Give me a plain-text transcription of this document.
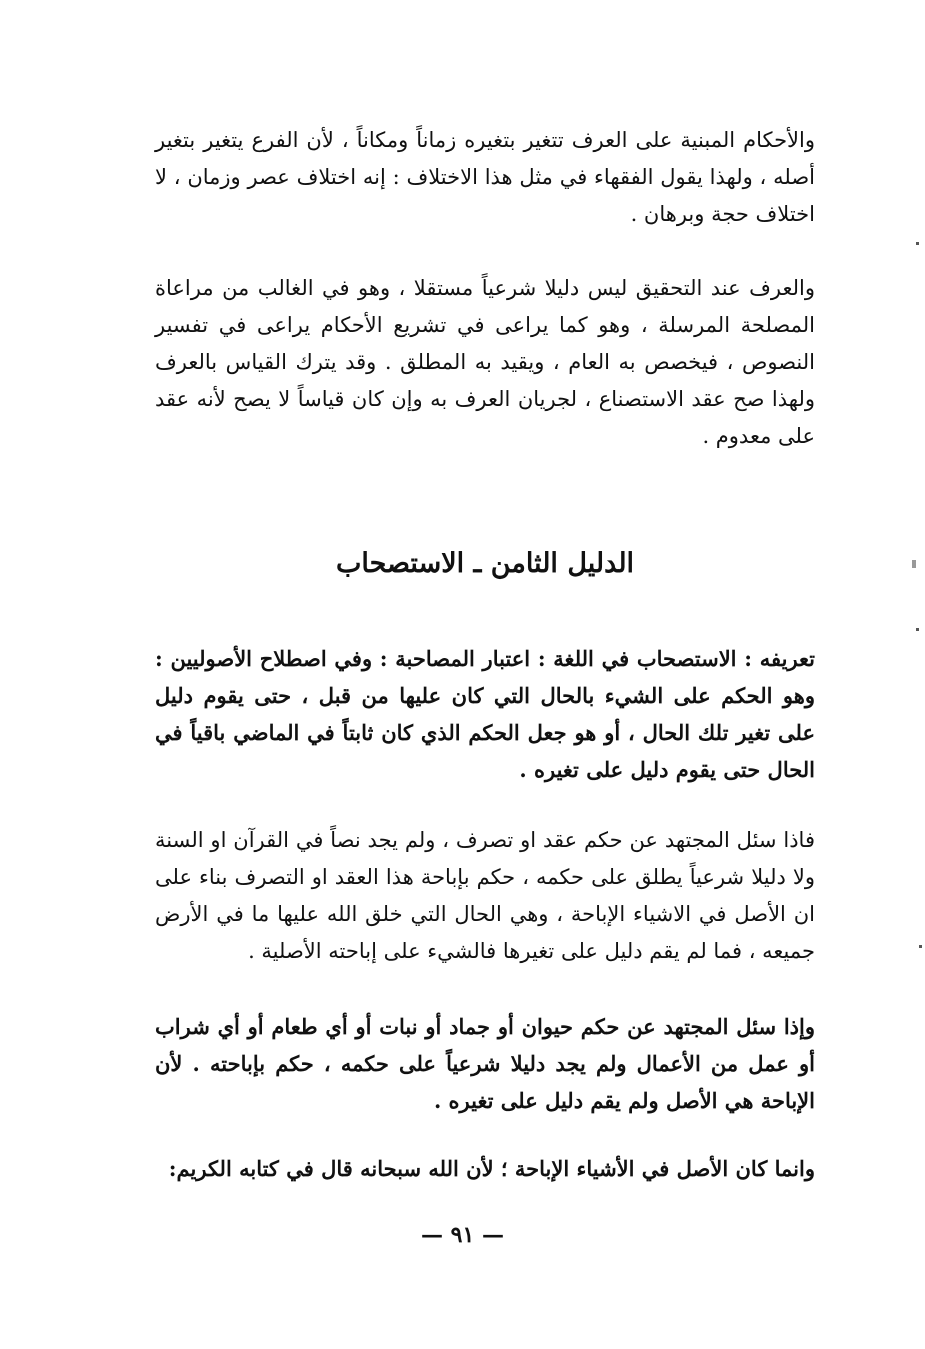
والأحكام المبنية على العرف تتغير بتغيره زماناً ومكاناً ، لأن الفرع يتغير بتغير أصله ، ولهذا يقول الفقهاء في مثل هذا الاختلاف : إنه اختلاف عصر وزمان ، لا اختلاف حجة وبرهان .
والعرف عند التحقيق ليس دليلا شرعياً مستقلا ، وهو في الغالب من مراعاة المصلحة المرسلة ، وهو كما يراعى في تشريع الأحكام يراعى في تفسير النصوص ، فيخصص به العام ، ويقيد به المطلق . وقد يترك القياس بالعرف ولهذا صح عقد الاستصناع ، لجريان العرف به وإن كان قياساً لا يصح لأنه عقد على معدوم .
الدليل الثامن ـ الاستصحاب
تعريفه : الاستصحاب في اللغة : اعتبار المصاحبة : وفي اصطلاح الأصوليين : وهو الحكم على الشيء بالحال التي كان عليها من قبل ، حتى يقوم دليل على تغير تلك الحال ، أو هو جعل الحكم الذي كان ثابتاً في الماضي باقياً في الحال حتى يقوم دليل على تغيره .
فاذا سئل المجتهد عن حكم عقد او تصرف ، ولم يجد نصاً في القرآن او السنة ولا دليلا شرعياً يطلق على حكمه ، حكم بإباحة هذا العقد او التصرف بناء على ان الأصل في الاشياء الإباحة ، وهي الحال التي خلق الله عليها ما في الأرض جميعه ، فما لم يقم دليل على تغيرها فالشيء على إباحته الأصلية .
وإذا سئل المجتهد عن حكم حيوان أو جماد أو نبات أو أي طعام أو أي شراب أو عمل من الأعمال ولم يجد دليلا شرعياً على حكمه ، حكم بإباحته . لأن الإباحة هي الأصل ولم يقم دليل على تغيره .
وانما كان الأصل في الأشياء الإباحة ؛ لأن الله سبحانه قال في كتابه الكريم:
— ٩١ —
